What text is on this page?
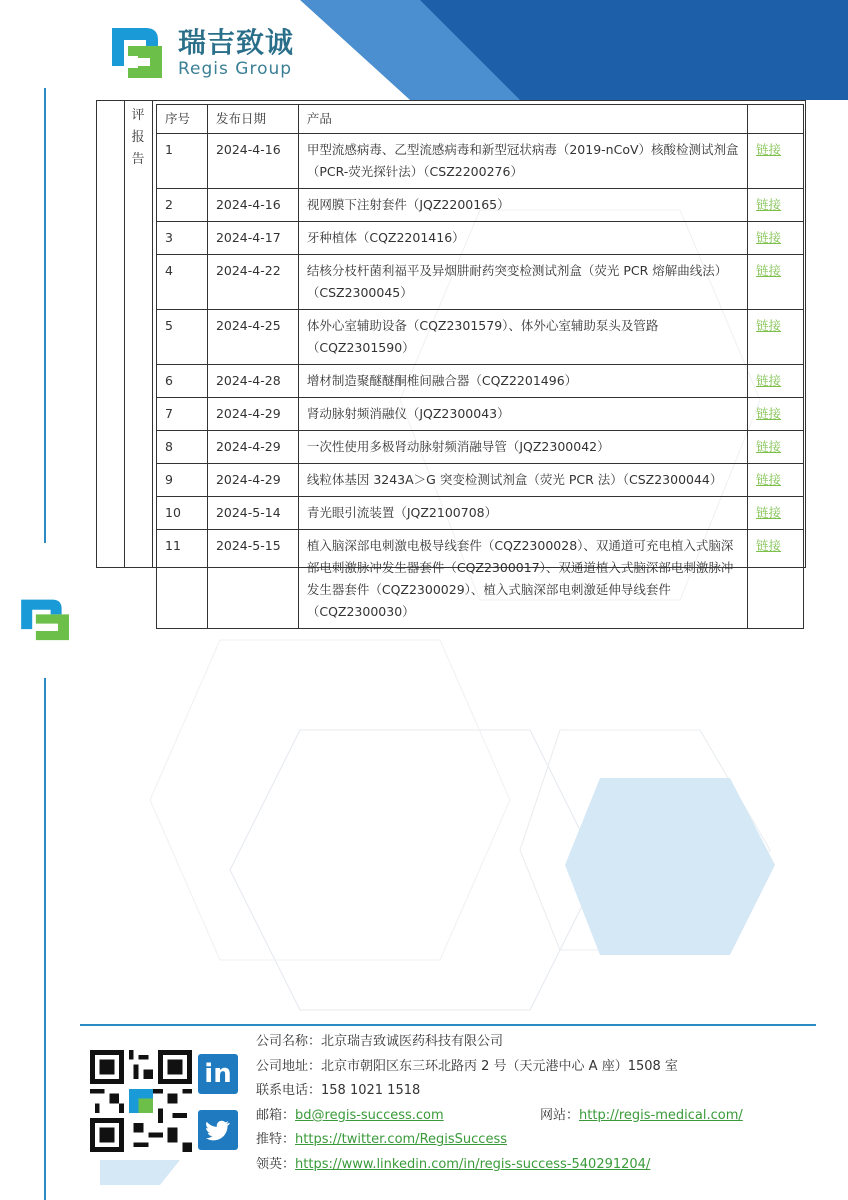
瑞吉致诚
Regis Group
评报告
序号	发布日期	产品	
1	2024-4-16	甲型流感病毒、乙型流感病毒和新型冠状病毒（2019-nCoV）核酸检测试剂盒（PCR-荧光探针法）（CSZ2200276）	链接
2	2024-4-16	视网膜下注射套件（JQZ2200165）	链接
3	2024-4-17	牙种植体（CQZ2201416）	链接
4	2024-4-22	结核分枝杆菌利福平及异烟肼耐药突变检测试剂盒（荧光 PCR 熔解曲线法）（CSZ2300045）	链接
5	2024-4-25	体外心室辅助设备（CQZ2301579）、体外心室辅助泵头及管路（CQZ2301590）	链接
6	2024-4-28	增材制造聚醚醚酮椎间融合器（CQZ2201496）	链接
7	2024-4-29	肾动脉射频消融仪（JQZ2300043）	链接
8	2024-4-29	一次性使用多极肾动脉射频消融导管（JQZ2300042）	链接
9	2024-4-29	线粒体基因 3243A＞G 突变检测试剂盒（荧光 PCR 法）（CSZ2300044）	链接
10	2024-5-14	青光眼引流装置（JQZ2100708）	链接
11	2024-5-15	植入脑深部电刺激电极导线套件（CQZ2300028）、双通道可充电植入式脑深部电刺激脉冲发生器套件（CQZ2300017）、双通道植入式脑深部电刺激脉冲发生器套件（CQZ2300029）、植入式脑深部电刺激延伸导线套件（CQZ2300030）	链接
in
公司名称：北京瑞吉致诚医药科技有限公司
公司地址：北京市朝阳区东三环北路丙 2 号（天元港中心 A 座）1508 室
联系电话：158 1021 1518
邮箱：bd@regis-success.com	网站：http://regis-medical.com/
推特：https://twitter.com/RegisSuccess
领英：https://www.linkedin.com/in/regis-success-540291204/
